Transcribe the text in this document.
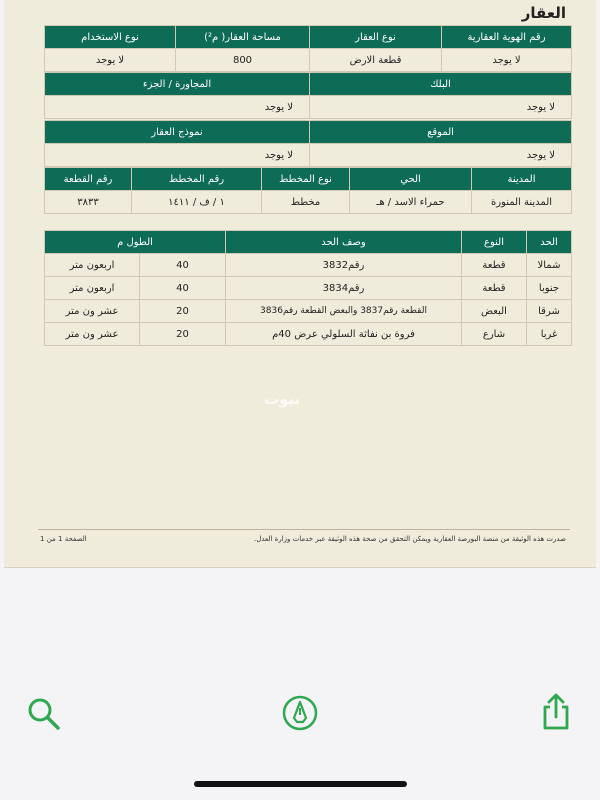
العقار
رقم الهوية العقارية	نوع العقار	مساحة العقار( م²)	نوع الاستخدام
لا يوجد	قطعة الارض	800	لا يوجد
البلك	المجاورة / الجزء
لا يوجد	لا يوجد
الموقع	نموذج العقار
لا يوجد	لا يوجد
المدينة	الحي	نوع المخطط	رقم المخطط	رقم القطعة
المدينة المنورة	حمراء الاسد / هـ	مخطط	١ / ف / ١٤١١	٣٨٣٣
الحد	النوع	وصف الحد	الطول م	
شمالا	قطعة	رقم3832	40	اربعون متر
جنوبا	قطعة	رقم3834	40	اربعون متر
شرقا	البعض	القطعة رقم3837 والبعض القطعة رقم3836	20	عشر ون متر
غربا	شارع	فروة بن نفاثة السلولي عرض 40م	20	عشر ون متر
بيوت
صدرت هذه الوثيقة من منصة البورصة العقارية ويمكن التحقق من صحة هذه الوثيقة عبر خدمات وزارة العدل.
الصفحة 1 من 1
